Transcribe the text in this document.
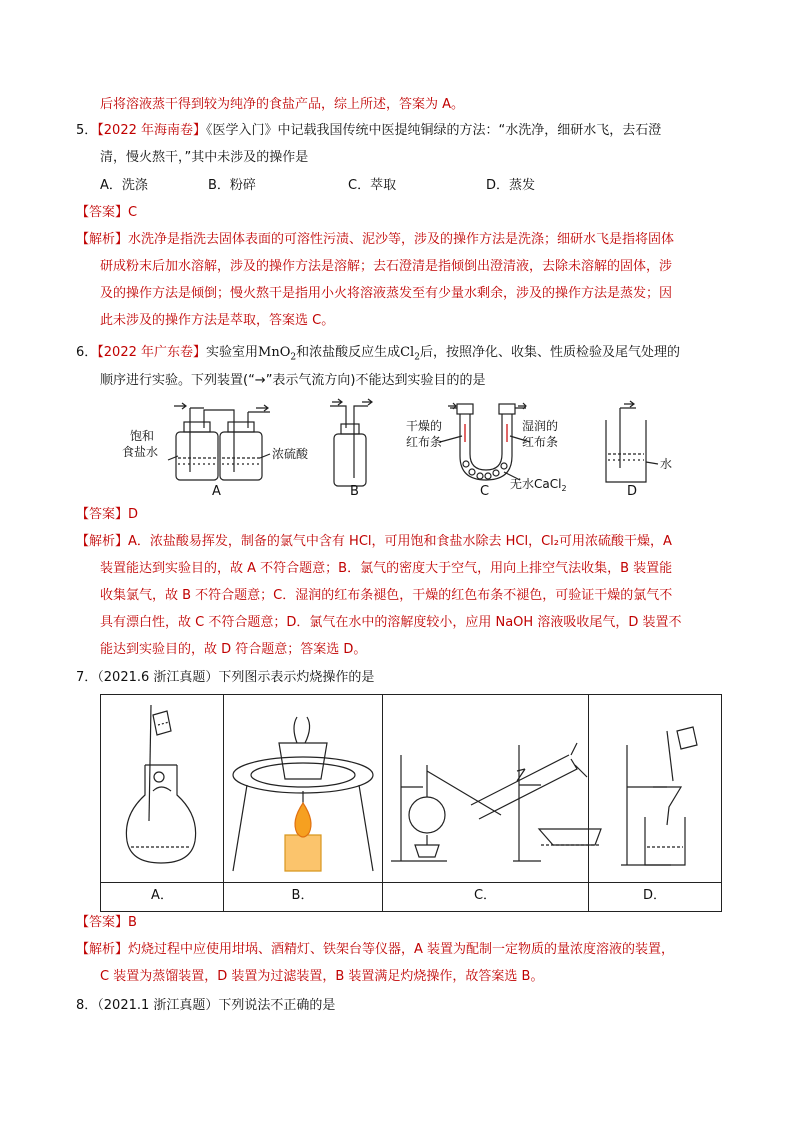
后将溶液蒸干得到较为纯净的食盐产品，综上所述，答案为 A。
5．【2022 年海南卷】《医学入门》中记载我国传统中医提纯铜绿的方法：“水洗净，细研水飞，去石澄
清，慢火熬干，”其中未涉及的操作是
A．洗涤	B．粉碎	C．萃取	D．蒸发
【答案】C
【解析】水洗净是指洗去固体表面的可溶性污渍、泥沙等，涉及的操作方法是洗涤；细研水飞是指将固体
研成粉末后加水溶解，涉及的操作方法是溶解；去石澄清是指倾倒出澄清液，去除未溶解的固体，涉
及的操作方法是倾倒；慢火熬干是指用小火将溶液蒸发至有少量水剩余，涉及的操作方法是蒸发；因
此未涉及的操作方法是萃取，答案选 C。
6．【2022 年广东卷】实验室用MnO$_2$和浓盐酸反应生成$Cl_2$后，按照净化、收集、性质检验及尾气处理的
顺序进行实验。下列装置(“→”表示气流方向)不能达到实验目的的是
饱和
食盐水	浓硫酸
干燥的
红布条
湿润的
红布条
无水CaCl$_2$
水
A	B	C	D
【答案】D
【解析】A．浓盐酸易挥发，制备的氯气中含有 HCl，可用饱和食盐水除去 HCl，Cl₂可用浓硫酸干燥，A
装置能达到实验目的，故 A 不符合题意；B．氯气的密度大于空气，用向上排空气法收集，B 装置能
收集氯气，故 B 不符合题意；C．湿润的红布条褪色，干燥的红色布条不褪色，可验证干燥的氯气不
具有漂白性，故 C 不符合题意；D．氯气在水中的溶解度较小，应用 NaOH 溶液吸收尾气，D 装置不
能达到实验目的，故 D 符合题意；答案选 D。
7．（2021.6 浙江真题）下列图示表示灼烧操作的是
A．	B．	C．	D．
【答案】B
【解析】灼烧过程中应使用坩埚、酒精灯、铁架台等仪器，A 装置为配制一定物质的量浓度溶液的装置，
C 装置为蒸馏装置，D 装置为过滤装置，B 装置满足灼烧操作，故答案选 B。
8．（2021.1 浙江真题）下列说法不正确的是
